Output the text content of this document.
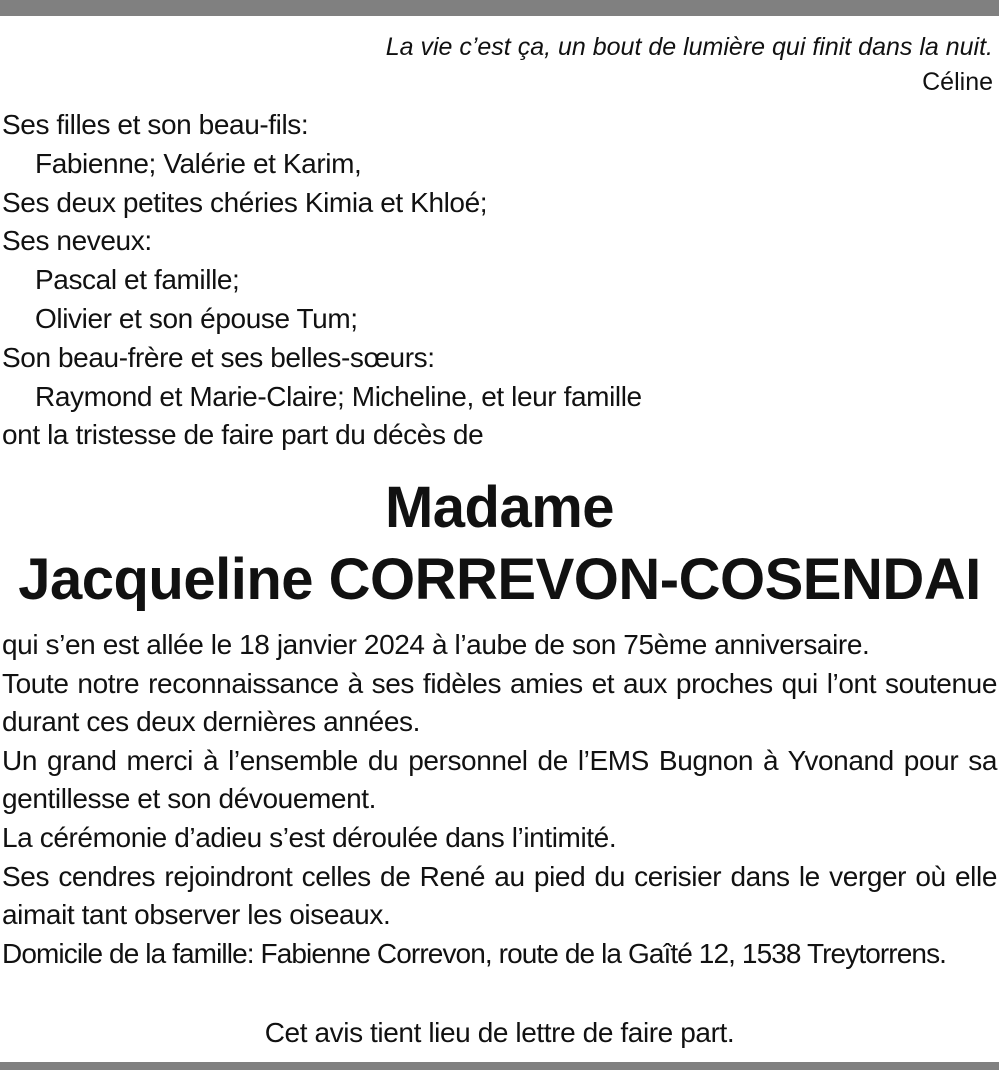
La vie c’est ça, un bout de lumière qui finit dans la nuit.
Céline
Ses filles et son beau-fils:
Fabienne; Valérie et Karim,
Ses deux petites chéries Kimia et Khloé;
Ses neveux:
Pascal et famille;
Olivier et son épouse Tum;
Son beau-frère et ses belles-sœurs:
Raymond et Marie-Claire; Micheline, et leur famille
ont la tristesse de faire part du décès de
Madame
Jacqueline CORREVON-COSENDAI
qui s’en est allée le 18 janvier 2024 à l’aube de son 75ème anniversaire.
Toute notre reconnaissance à ses fidèles amies et aux proches qui l’ont soutenue durant ces deux dernières années.
Un grand merci à l’ensemble du personnel de l’EMS Bugnon à Yvonand pour sa gentillesse et son dévouement.
La cérémonie d’adieu s’est déroulée dans l’intimité.
Ses cendres rejoindront celles de René au pied du cerisier dans le verger où elle aimait tant observer les oiseaux.
Domicile de la famille: Fabienne Correvon, route de la Gaîté 12, 1538 Treytorrens.
Cet avis tient lieu de lettre de faire part.
